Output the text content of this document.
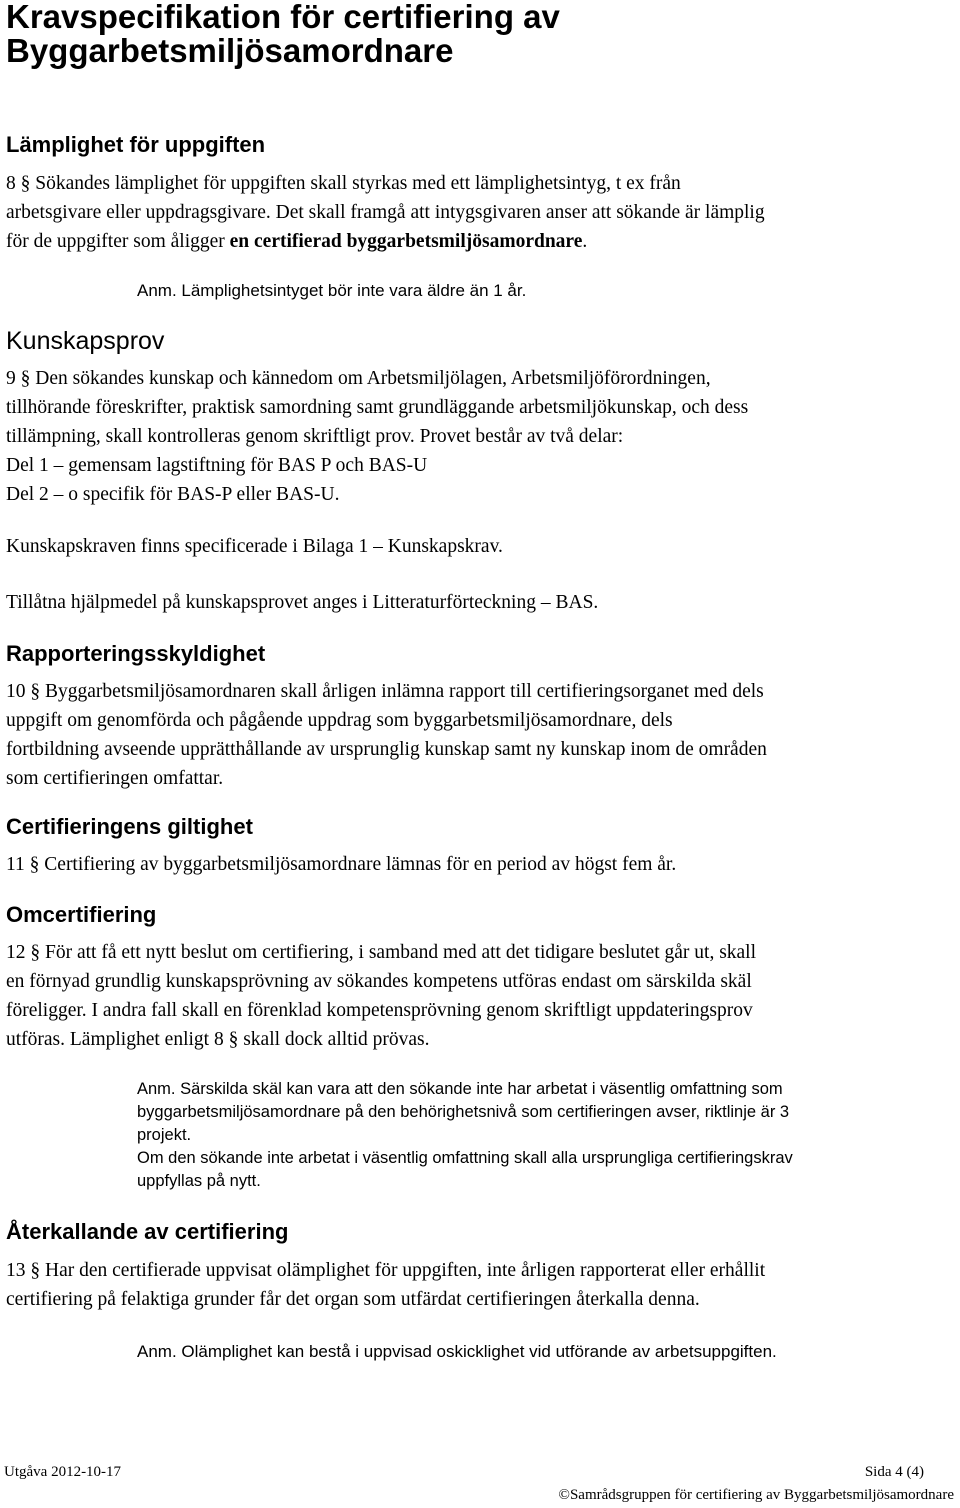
Kravspecifikation för certifiering av
Byggarbetsmiljösamordnare
Lämplighet för uppgiften
8 § Sökandes lämplighet för uppgiften skall styrkas med ett lämplighetsintyg, t ex från
arbetsgivare eller uppdragsgivare. Det skall framgå att intygsgivaren anser att sökande är lämplig
för de uppgifter som åligger en certifierad byggarbetsmiljösamordnare.
Anm. Lämplighetsintyget bör inte vara äldre än 1 år.
Kunskapsprov
9 § Den sökandes kunskap och kännedom om Arbetsmiljölagen, Arbetsmiljöförordningen,
tillhörande föreskrifter, praktisk samordning samt grundläggande arbetsmiljökunskap, och dess
tillämpning, skall kontrolleras genom skriftligt prov. Provet består av två delar:
Del 1 – gemensam lagstiftning för BAS P och BAS-U
Del 2 – o specifik för BAS-P eller BAS-U.
Kunskapskraven finns specificerade i Bilaga 1 – Kunskapskrav.
Tillåtna hjälpmedel på kunskapsprovet anges i Litteraturförteckning – BAS.
Rapporteringsskyldighet
10 § Byggarbetsmiljösamordnaren skall årligen inlämna rapport till certifieringsorganet med dels
uppgift om genomförda och pågående uppdrag som byggarbetsmiljösamordnare, dels
fortbildning avseende upprätthållande av ursprunglig kunskap samt ny kunskap inom de områden
som certifieringen omfattar.
Certifieringens giltighet
11 § Certifiering av byggarbetsmiljösamordnare lämnas för en period av högst fem år.
Omcertifiering
12 § För att få ett nytt beslut om certifiering, i samband med att det tidigare beslutet går ut, skall
en förnyad grundlig kunskapsprövning av sökandes kompetens utföras endast om särskilda skäl
föreligger. I andra fall skall en förenklad kompetensprövning genom skriftligt uppdateringsprov
utföras. Lämplighet enligt 8 § skall dock alltid prövas.
Anm. Särskilda skäl kan vara att den sökande inte har arbetat i väsentlig omfattning som
byggarbetsmiljösamordnare på den behörighetsnivå som certifieringen avser, riktlinje är 3
projekt.
Om den sökande inte arbetat i väsentlig omfattning skall alla ursprungliga certifieringskrav
uppfyllas på nytt.
Återkallande av certifiering
13 § Har den certifierade uppvisat olämplighet för uppgiften, inte årligen rapporterat eller erhållit
certifiering på felaktiga grunder får det organ som utfärdat certifieringen återkalla denna.
Anm. Olämplighet kan bestå i uppvisad oskicklighet vid utförande av arbetsuppgiften.
Utgåva 2012-10-17	Sida 4 (4)
©Samrådsgruppen för certifiering av Byggarbetsmiljösamordnare
